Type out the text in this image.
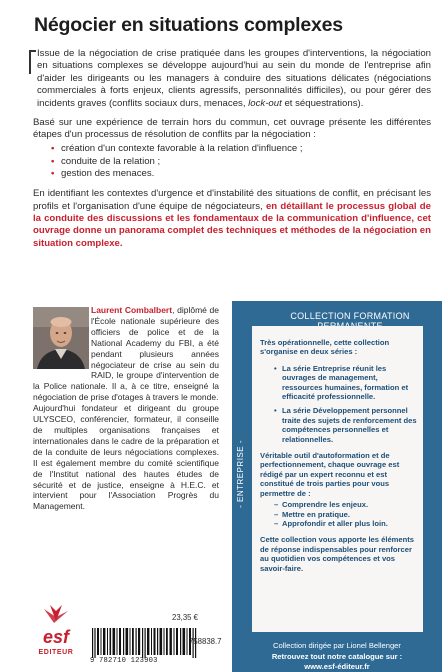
Négocier en situations complexes

Issue de la négociation de crise pratiquée dans les groupes d'interventions, la négociation en situations complexes se développe aujourd'hui au sein du monde de l'entreprise afin d'aider les dirigeants ou les managers à conduire des situations délicates (négociations commerciales à forts enjeux, clients agressifs, personnalités difficiles), ou pour gérer des incidents graves (conflits sociaux durs, menaces, lock-out et séquestrations).

Basé sur une expérience de terrain hors du commun, cet ouvrage présente les différentes étapes d'un processus de résolution de conflits par la négociation :

• création d'un contexte favorable à la relation d'influence ;
• conduite de la relation ;
• gestion des menaces.

En identifiant les contextes d'urgence et d'instabilité des situations de conflit, en précisant les profils et l'organisation d'une équipe de négociateurs, en détaillant le processus global de la conduite des discussions et les fondamentaux de la communication d'influence, cet ouvrage donne un panorama complet des techniques et méthodes de la négociation en situation complexe.

Laurent Combalbert, diplômé de l'École nationale supérieure des officiers de police et de la National Academy du FBI, a été pendant plusieurs années négociateur de crise au sein du RAID, le groupe d'intervention de la Police nationale. Il a, à ce titre, enseigné la négociation de prise d'otages à travers le monde.

Aujourd'hui fondateur et dirigeant du groupe ULYSCEO, conférencier, formateur, il conseille de multiples organisations françaises et internationales dans le cadre de la préparation et de la conduite de leurs négociations complexes. Il est également membre du comité scientifique de l'Institut national des hautes études de sécurité et de justice, enseigne à H.E.C. et intervient pour l'Association Progrès du Management.

COLLECTION FORMATION
- ENTREPRISE -

Très opérationnelle, cette collection s'organise en deux séries :

• La série Entreprise réunit les ouvrages de management, ressources humaines, formation et efficacité professionnelle.
• La série Développement personnel traite des sujets de renforcement des compétences personnelles et relationnelles.

Véritable outil d'autoformation et de perfectionnement, chaque ouvrage est rédigé par un expert reconnu et est constitué de trois parties pour vous permettre de :

– Comprendre les enjeux.
– Mettre en pratique.
– Approfondir et aller plus loin.

Cette collection vous apporte les éléments de réponse indispensables pour renforcer au quotidien vos compétences et vos savoir-faire.

Collection dirigée par Lionel Bellenger
Retrouvez tout notre catalogue sur :
www.esf-éditeur.fr
esf
EDITEUR
23,35 €
9 782710 123903
758838.7
